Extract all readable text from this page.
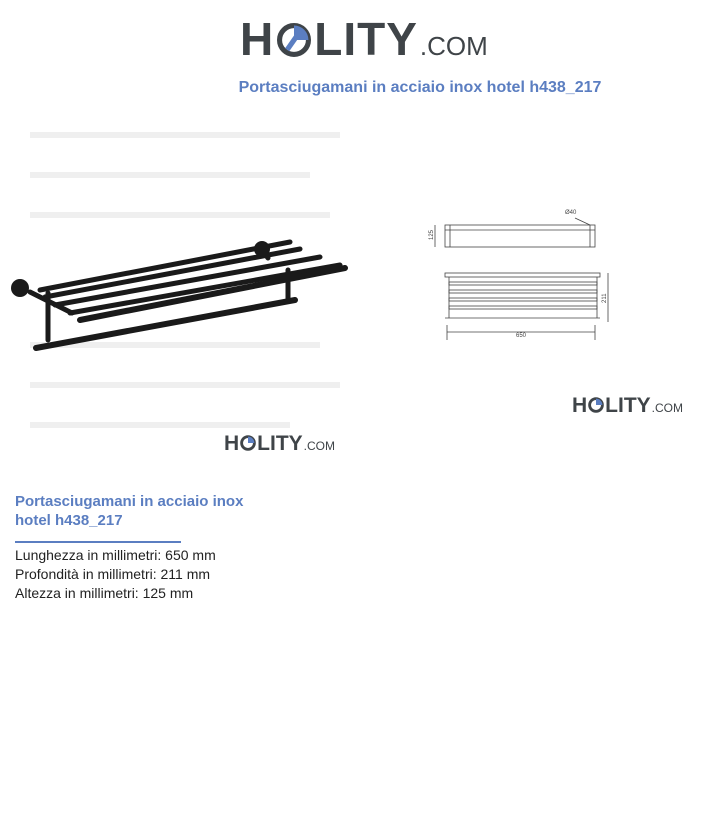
H LITY .COM
Portasciugamani in acciaio inox hotel h438_217
Ø40
125
211
650
H LITY .COM
H LITY .COM
Portasciugamani in acciaio inox hotel h438_217
Lunghezza in millimetri: 650 mm
Profondità in millimetri: 211 mm
Altezza in millimetri: 125 mm
